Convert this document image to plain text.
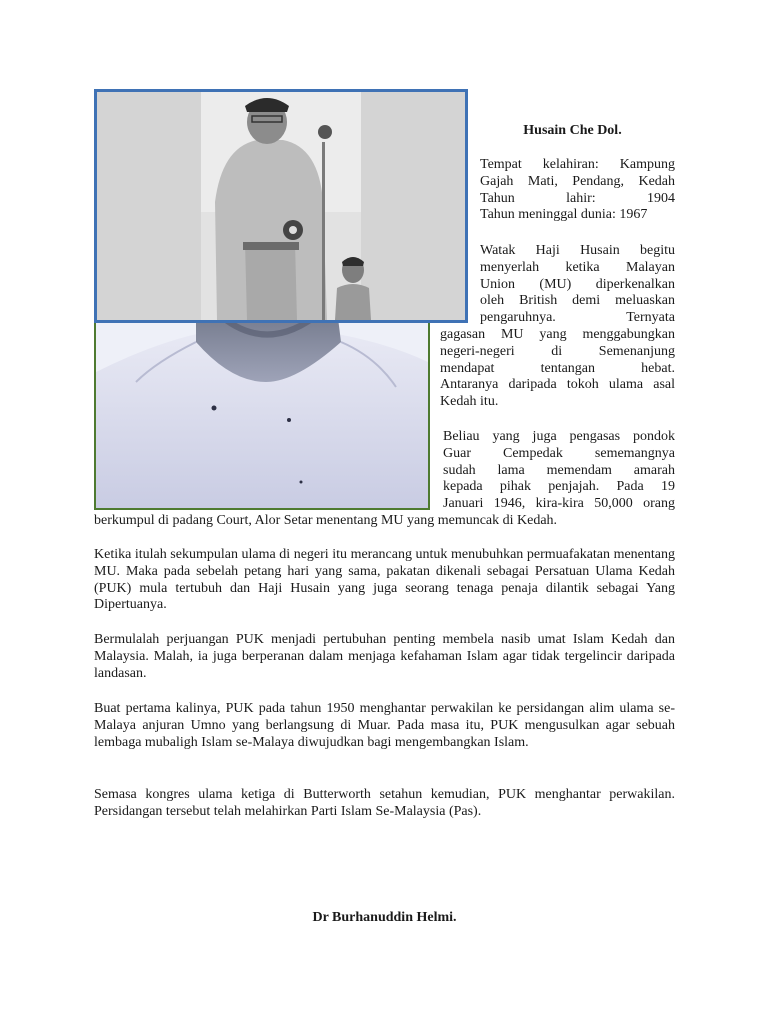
Husain Che Dol.
Tempat kelahiran: Kampung
Gajah Mati, Pendang, Kedah
Tahun lahir: 1904
Tahun meninggal dunia: 1967
Watak Haji Husain begitu
menyerlah ketika Malayan
Union (MU) diperkenalkan
oleh British demi meluaskan
pengaruhnya. Ternyata
gagasan MU yang menggabungkan
negeri-negeri di Semenanjung
mendapat tentangan hebat.
Antaranya daripada tokoh ulama asal
Kedah itu.
Beliau yang juga pengasas pondok
Guar Cempedak sememangnya
sudah lama memendam amarah
kepada pihak penjajah. Pada 19
Januari 1946, kira-kira 50,000 orang
berkumpul di padang Court, Alor Setar menentang MU yang memuncak di Kedah.

Ketika itulah sekumpulan ulama di negeri itu merancang untuk menubuhkan permuafakatan menentang MU. Maka pada sebelah petang hari yang sama, pakatan dikenali sebagai Persatuan Ulama Kedah (PUK) mula tertubuh dan Haji Husain yang juga seorang tenaga penaja dilantik sebagai Yang Dipertuanya.

Bermulalah perjuangan PUK menjadi pertubuhan penting membela nasib umat Islam Kedah dan Malaysia. Malah, ia juga berperanan dalam menjaga kefahaman Islam agar tidak tergelincir daripada landasan.

Buat pertama kalinya, PUK pada tahun 1950 menghantar perwakilan ke persidangan alim ulama se-Malaya anjuran Umno yang berlangsung di Muar. Pada masa itu, PUK mengusulkan agar sebuah lembaga mubaligh Islam se-Malaya diwujudkan bagi mengembangkan Islam.

Semasa kongres ulama ketiga di Butterworth setahun kemudian, PUK menghantar perwakilan. Persidangan tersebut telah melahirkan Parti Islam Se-Malaysia (Pas).

Dr Burhanuddin Helmi.
